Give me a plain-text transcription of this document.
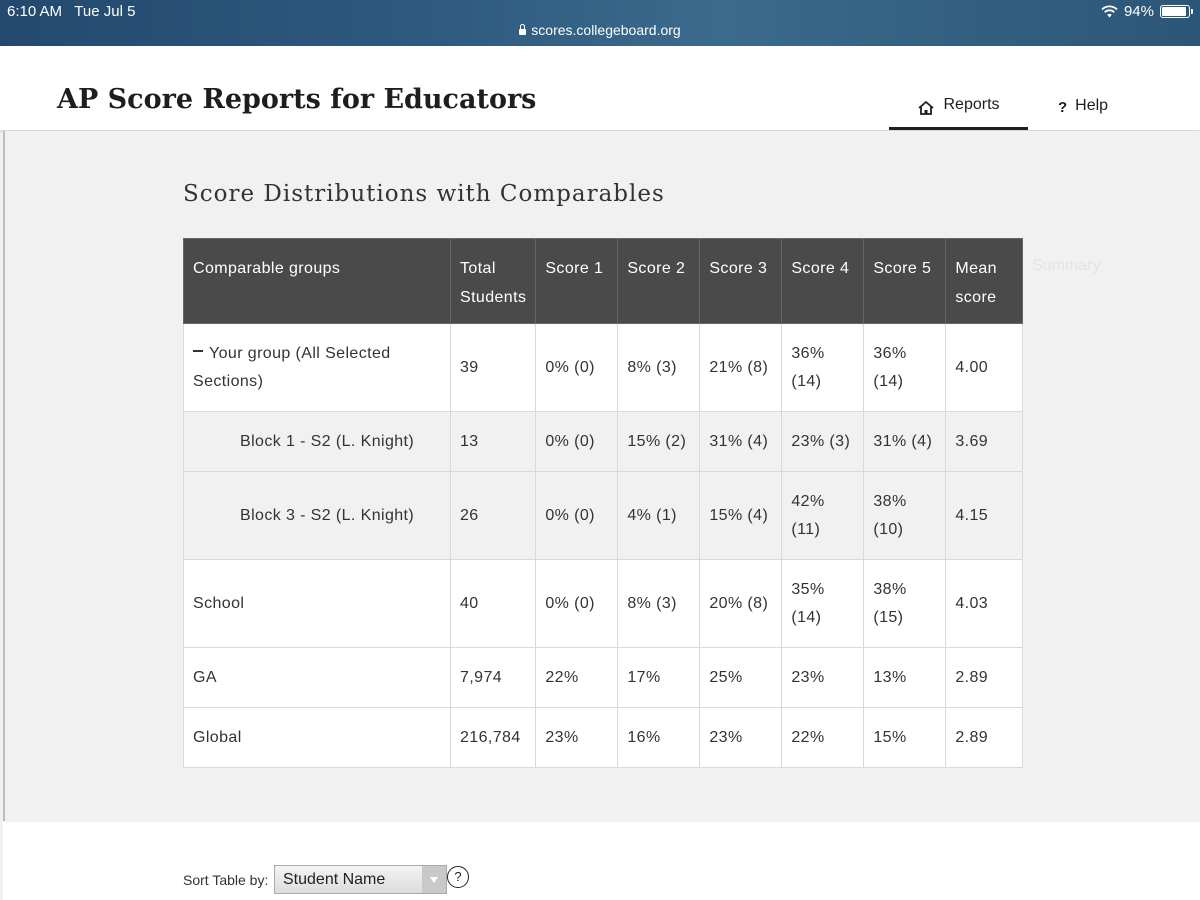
6:10 AM Tue Jul 5	94%
scores.collegeboard.org
AP Score Reports for Educators	Reports	? Help
Score Distributions with Comparables
Summary
Comparable groups	Total Students	Score 1	Score 2	Score 3	Score 4	Score 5	Mean score
Your group (All Selected Sections)	39	0% (0)	8% (3)	21% (8)	36% (14)	36% (14)	4.00
Block 1 - S2 (L. Knight)	13	0% (0)	15% (2)	31% (4)	23% (3)	31% (4)	3.69
Block 3 - S2 (L. Knight)	26	0% (0)	4% (1)	15% (4)	42% (11)	38% (10)	4.15
School	40	0% (0)	8% (3)	20% (8)	35% (14)	38% (15)	4.03
GA	7,974	22%	17%	25%	23%	13%	2.89
Global	216,784	23%	16%	23%	22%	15%	2.89
Sort Table by: Student Name	?
